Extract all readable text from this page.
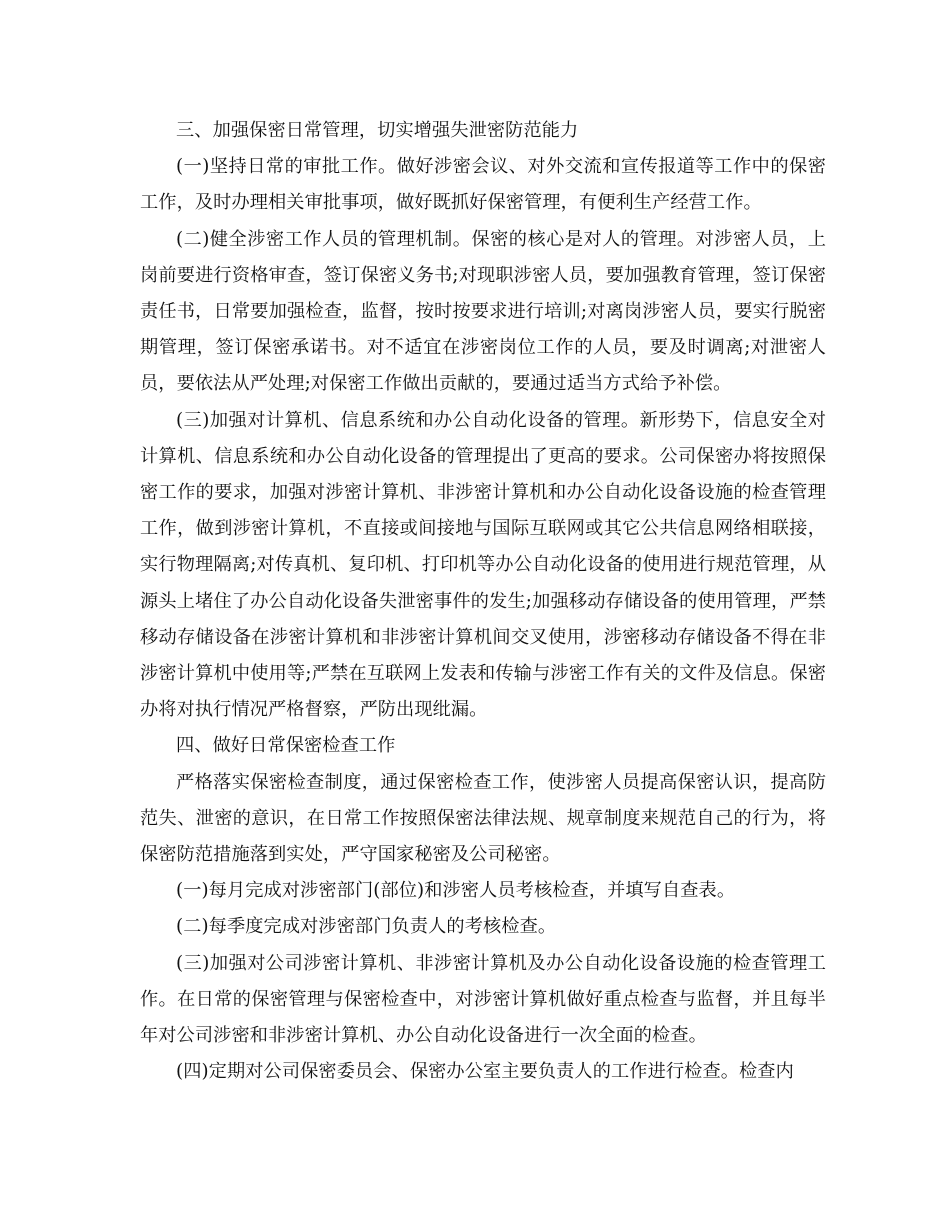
三、加强保密日常管理，切实增强失泄密防范能力

(一)坚持日常的审批工作。做好涉密会议、对外交流和宣传报道等工作中的保密工作，及时办理相关审批事项，做好既抓好保密管理，有便利生产经营工作。

(二)健全涉密工作人员的管理机制。保密的核心是对人的管理。对涉密人员，上岗前要进行资格审查，签订保密义务书;对现职涉密人员，要加强教育管理，签订保密责任书，日常要加强检查，监督，按时按要求进行培训;对离岗涉密人员，要实行脱密期管理，签订保密承诺书。对不适宜在涉密岗位工作的人员，要及时调离;对泄密人员，要依法从严处理;对保密工作做出贡献的，要通过适当方式给予补偿。

(三)加强对计算机、信息系统和办公自动化设备的管理。新形势下，信息安全对计算机、信息系统和办公自动化设备的管理提出了更高的要求。公司保密办将按照保密工作的要求，加强对涉密计算机、非涉密计算机和办公自动化设备设施的检查管理工作，做到涉密计算机，不直接或间接地与国际互联网或其它公共信息网络相联接，实行物理隔离;对传真机、复印机、打印机等办公自动化设备的使用进行规范管理，从源头上堵住了办公自动化设备失泄密事件的发生;加强移动存储设备的使用管理，严禁移动存储设备在涉密计算机和非涉密计算机间交叉使用，涉密移动存储设备不得在非涉密计算机中使用等;严禁在互联网上发表和传输与涉密工作有关的文件及信息。保密办将对执行情况严格督察，严防出现纰漏。

四、做好日常保密检查工作

严格落实保密检查制度，通过保密检查工作，使涉密人员提高保密认识，提高防范失、泄密的意识，在日常工作按照保密法律法规、规章制度来规范自己的行为，将保密防范措施落到实处，严守国家秘密及公司秘密。

(一)每月完成对涉密部门(部位)和涉密人员考核检查，并填写自查表。

(二)每季度完成对涉密部门负责人的考核检查。

(三)加强对公司涉密计算机、非涉密计算机及办公自动化设备设施的检查管理工作。在日常的保密管理与保密检查中，对涉密计算机做好重点检查与监督，并且每半年对公司涉密和非涉密计算机、办公自动化设备进行一次全面的检查。

(四)定期对公司保密委员会、保密办公室主要负责人的工作进行检查。检查内
